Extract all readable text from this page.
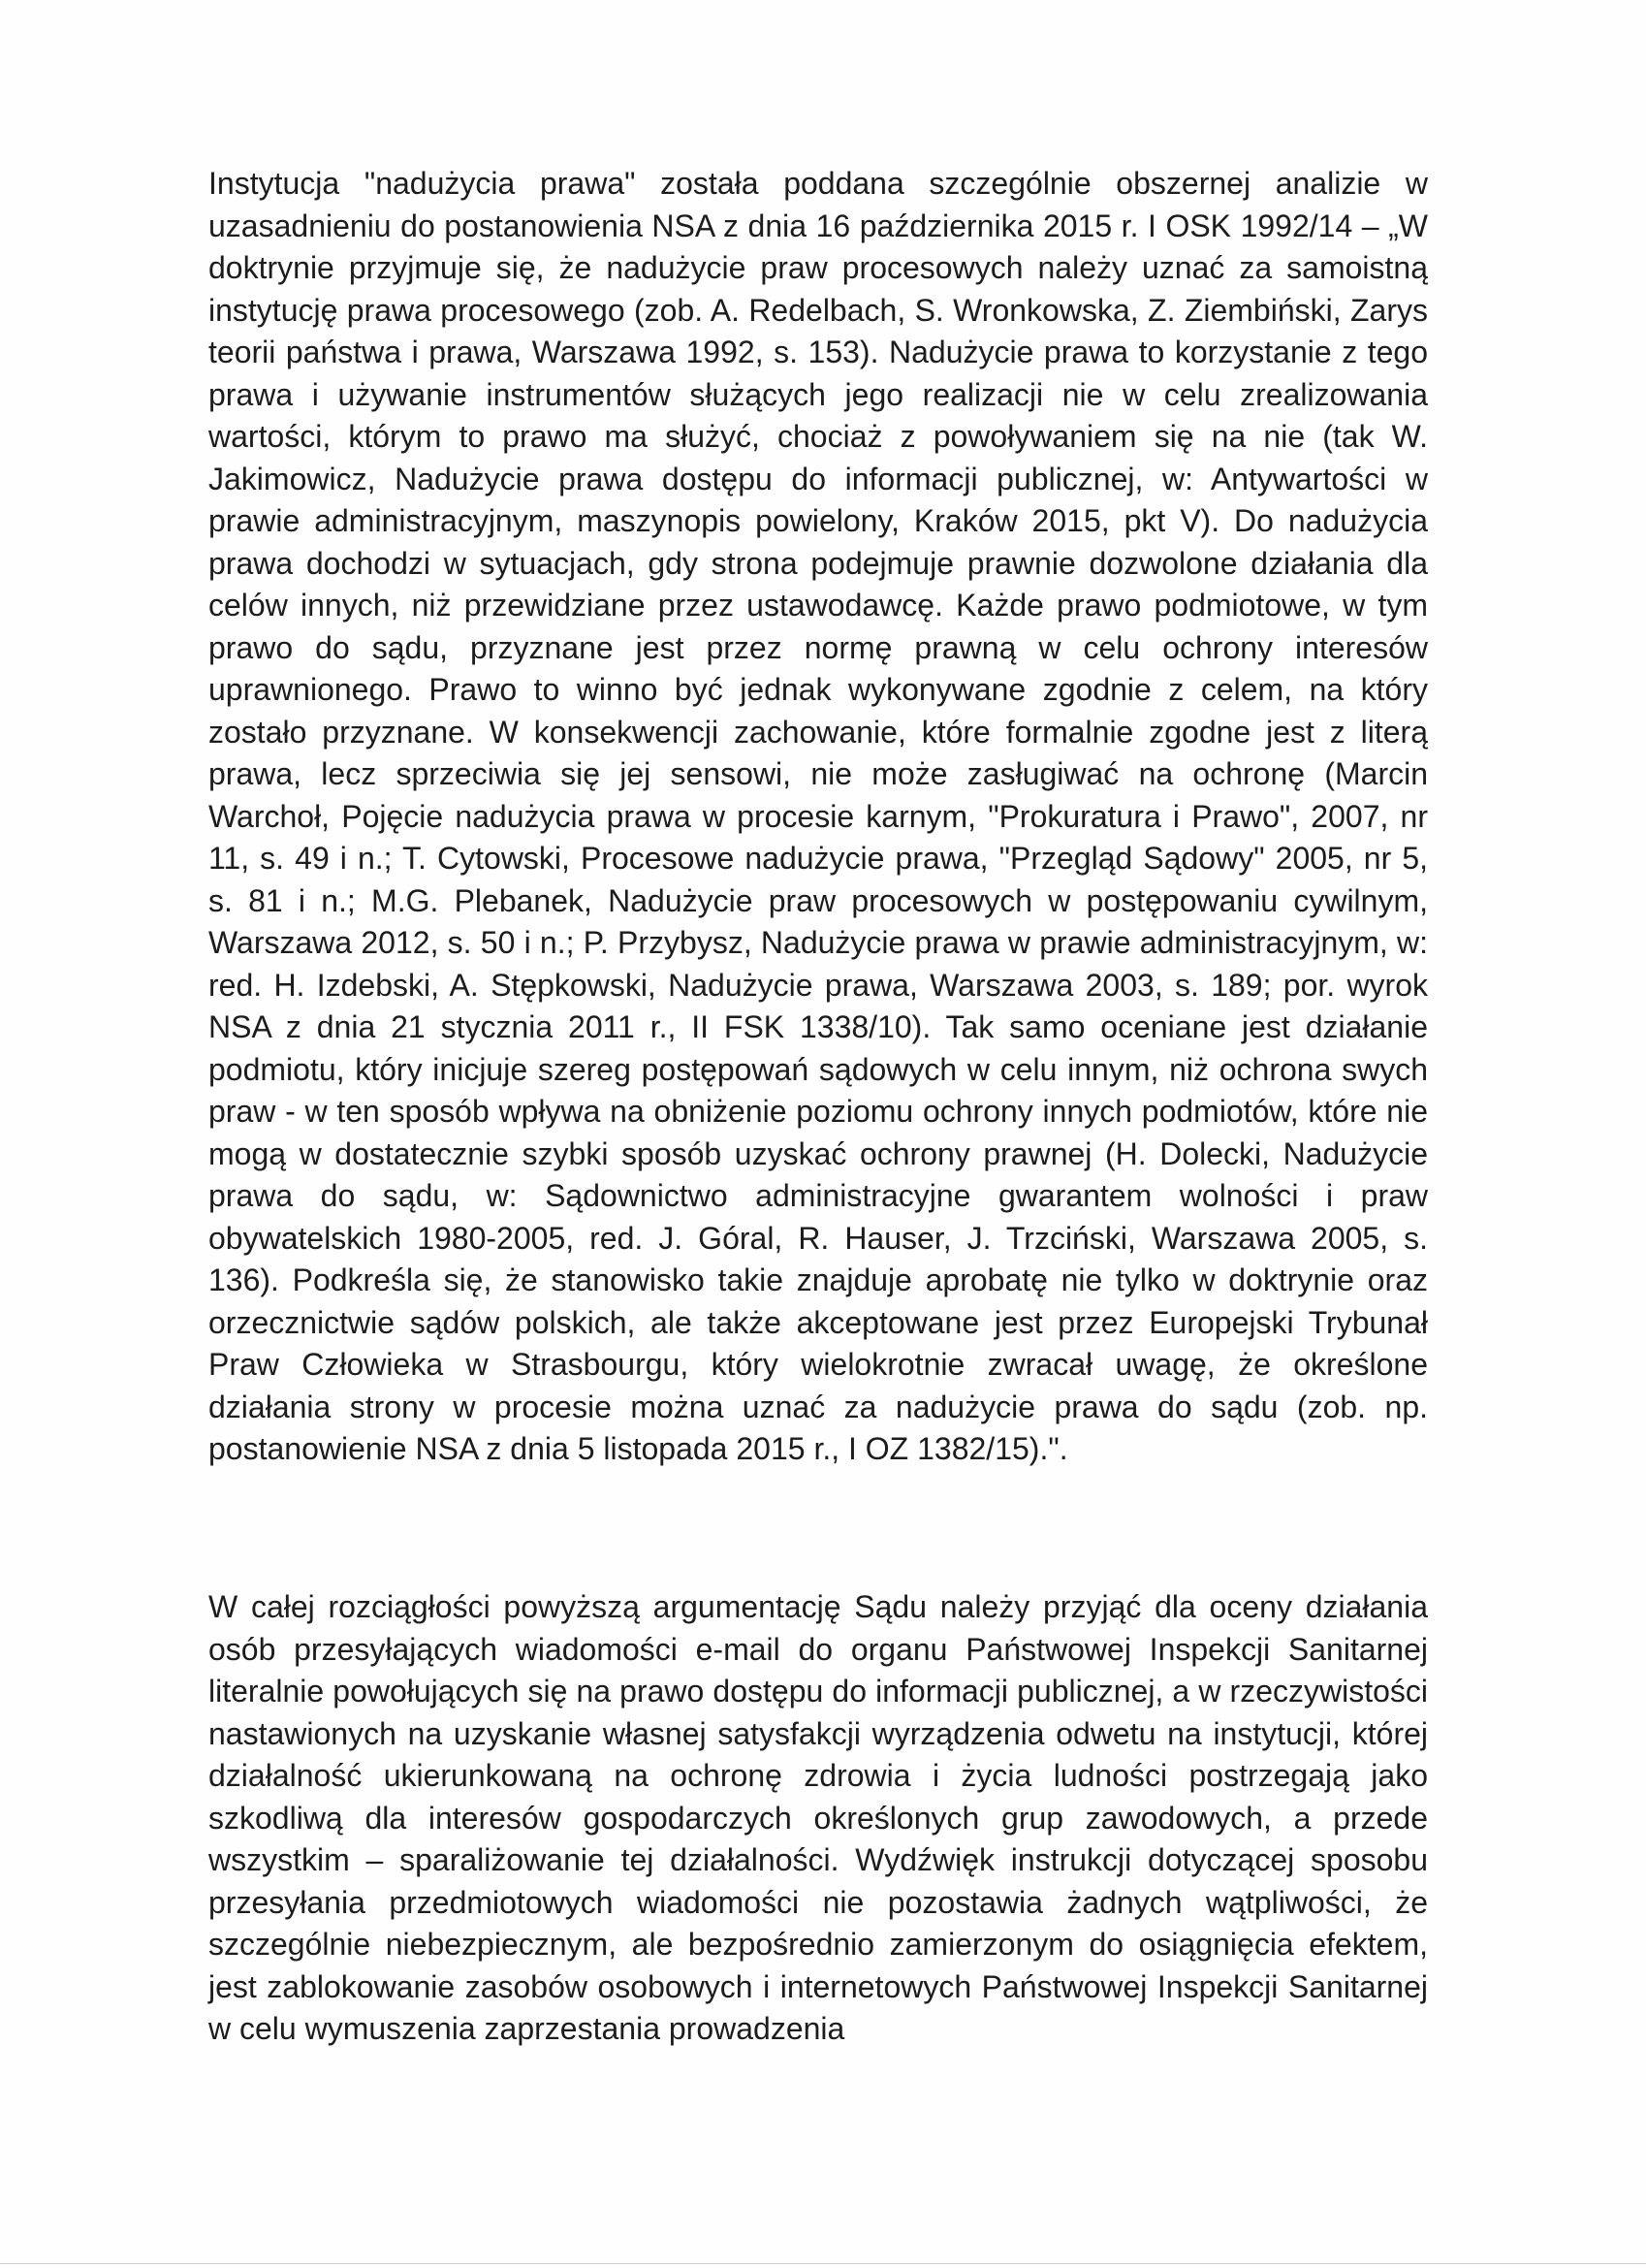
Instytucja "nadużycia prawa" została poddana szczególnie obszernej analizie w uzasadnieniu do postanowienia NSA z dnia 16 października 2015 r. I OSK 1992/14 – „W doktrynie przyjmuje się, że nadużycie praw procesowych należy uznać za samoistną instytucję prawa procesowego (zob. A. Redelbach, S. Wronkowska, Z. Ziembiński, Zarys teorii państwa i prawa, Warszawa 1992, s. 153). Nadużycie prawa to korzystanie z tego prawa i używanie instrumentów służących jego realizacji nie w celu zrealizowania wartości, którym to prawo ma służyć, chociaż z powoływaniem się na nie (tak W. Jakimowicz, Nadużycie prawa dostępu do informacji publicznej, w: Antywartości w prawie administracyjnym, maszynopis powielony, Kraków 2015, pkt V). Do nadużycia prawa dochodzi w sytuacjach, gdy strona podejmuje prawnie dozwolone działania dla celów innych, niż przewidziane przez ustawodawcę. Każde prawo podmiotowe, w tym prawo do sądu, przyznane jest przez normę prawną w celu ochrony interesów uprawnionego. Prawo to winno być jednak wykonywane zgodnie z celem, na który zostało przyznane. W konsekwencji zachowanie, które formalnie zgodne jest z literą prawa, lecz sprzeciwia się jej sensowi, nie może zasługiwać na ochronę (Marcin Warchoł, Pojęcie nadużycia prawa w procesie karnym, "Prokuratura i Prawo", 2007, nr 11, s. 49 i n.; T. Cytowski, Procesowe nadużycie prawa, "Przegląd Sądowy" 2005, nr 5, s. 81 i n.; M.G. Plebanek, Nadużycie praw procesowych w postępowaniu cywilnym, Warszawa 2012, s. 50 i n.; P. Przybysz, Nadużycie prawa w prawie administracyjnym, w: red. H. Izdebski, A. Stępkowski, Nadużycie prawa, Warszawa 2003, s. 189; por. wyrok NSA z dnia 21 stycznia 2011 r., II FSK 1338/10). Tak samo oceniane jest działanie podmiotu, który inicjuje szereg postępowań sądowych w celu innym, niż ochrona swych praw - w ten sposób wpływa na obniżenie poziomu ochrony innych podmiotów, które nie mogą w dostatecznie szybki sposób uzyskać ochrony prawnej (H. Dolecki, Nadużycie prawa do sądu, w: Sądownictwo administracyjne gwarantem wolności i praw obywatelskich 1980-2005, red. J. Góral, R. Hauser, J. Trzciński, Warszawa 2005, s. 136). Podkreśla się, że stanowisko takie znajduje aprobatę nie tylko w doktrynie oraz orzecznictwie sądów polskich, ale także akceptowane jest przez Europejski Trybunał Praw Człowieka w Strasbourgu, który wielokrotnie zwracał uwagę, że określone działania strony w procesie można uznać za nadużycie prawa do sądu (zob. np. postanowienie NSA z dnia 5 listopada 2015 r., I OZ 1382/15).".

W całej rozciągłości powyższą argumentację Sądu należy przyjąć dla oceny działania osób przesyłających wiadomości e-mail do organu Państwowej Inspekcji Sanitarnej literalnie powołujących się na prawo dostępu do informacji publicznej, a w rzeczywistości nastawionych na uzyskanie własnej satysfakcji wyrządzenia odwetu na instytucji, której działalność ukierunkowaną na ochronę zdrowia i życia ludności postrzegają jako szkodliwą dla interesów gospodarczych określonych grup zawodowych, a przede wszystkim – sparaliżowanie tej działalności. Wydźwięk instrukcji dotyczącej sposobu przesyłania przedmiotowych wiadomości nie pozostawia żadnych wątpliwości, że szczególnie niebezpiecznym, ale bezpośrednio zamierzonym do osiągnięcia efektem, jest zablokowanie zasobów osobowych i internetowych Państwowej Inspekcji Sanitarnej w celu wymuszenia zaprzestania prowadzenia
